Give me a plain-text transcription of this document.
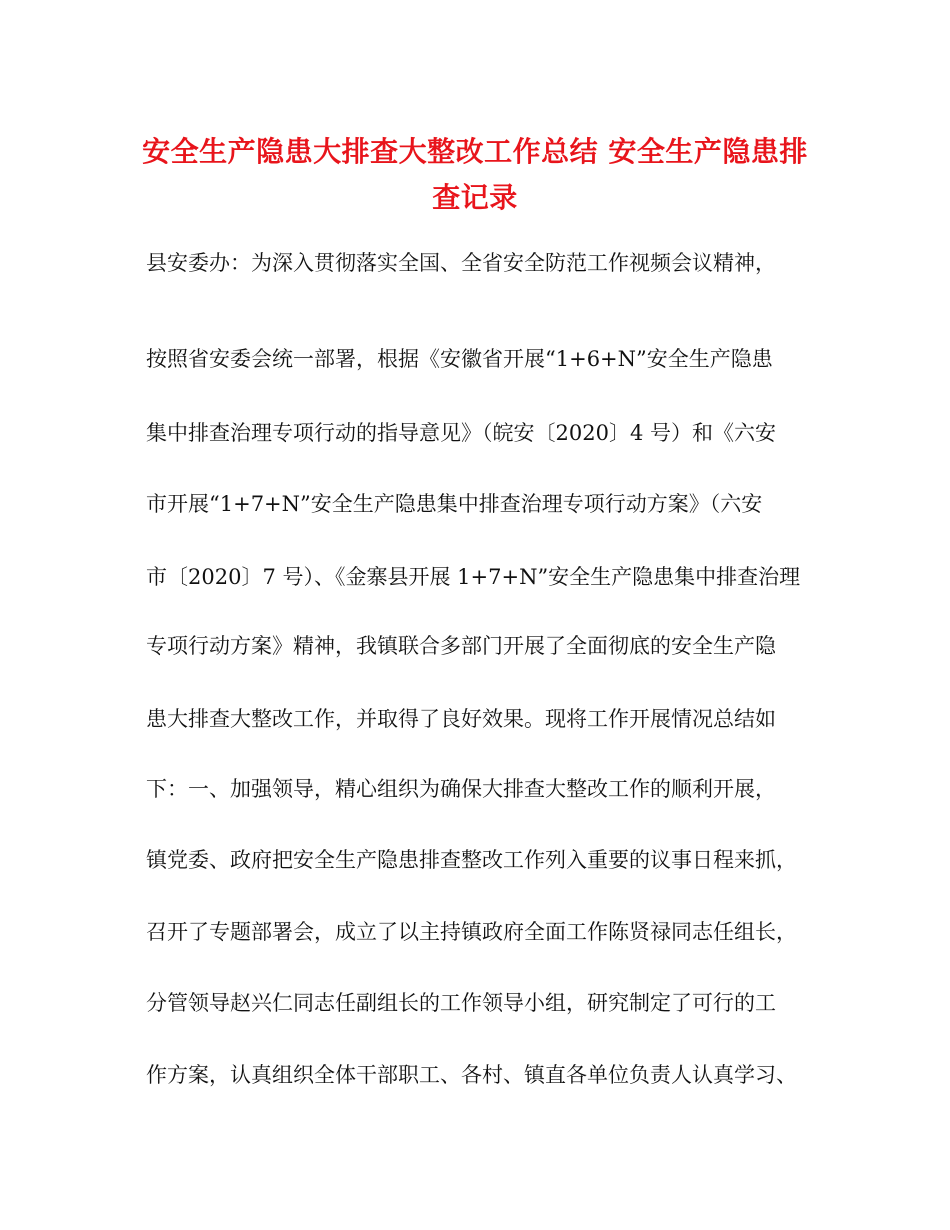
安全生产隐患大排查大整改工作总结 安全生产隐患排
查记录
县安委办：为深入贯彻落实全国、全省安全防范工作视频会议精神，
按照省安委会统一部署，根据《安徽省开展“1+6+N”安全生产隐患
集中排查治理专项行动的指导意见》（皖安〔2020〕4 号）和《六安
市开展“1+7+N”安全生产隐患集中排查治理专项行动方案》（六安
市〔2020〕7 号）、《金寨县开展 1+7+N”安全生产隐患集中排查治理
专项行动方案》精神，我镇联合多部门开展了全面彻底的安全生产隐
患大排查大整改工作，并取得了良好效果。现将工作开展情况总结如
下：一、加强领导，精心组织为确保大排查大整改工作的顺利开展，
镇党委、政府把安全生产隐患排查整改工作列入重要的议事日程来抓，
召开了专题部署会，成立了以主持镇政府全面工作陈贤禄同志任组长，
分管领导赵兴仁同志任副组长的工作领导小组，研究制定了可行的工
作方案，认真组织全体干部职工、各村、镇直各单位负责人认真学习、
